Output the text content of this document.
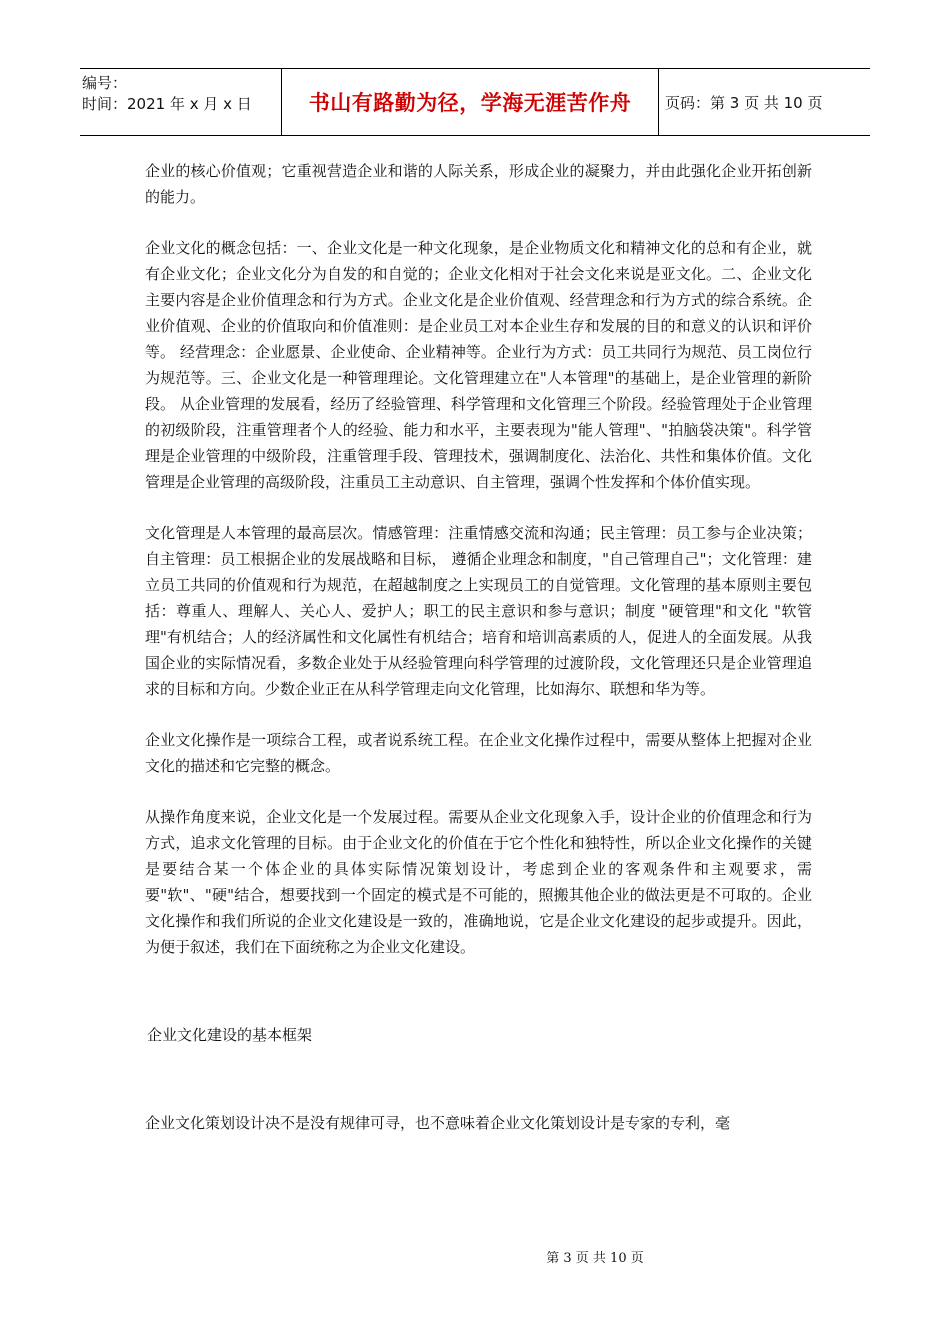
编号：
时间：2021 年 x 月 x 日	书山有路勤为径，学海无涯苦作舟	页码：第 3 页 共 10 页

企业的核心价值观；它重视营造企业和谐的人际关系，形成企业的凝聚力，并由此强化企业开拓创新的能力。

企业文化的概念包括：一、企业文化是一种文化现象，是企业物质文化和精神文化的总和有企业，就有企业文化；企业文化分为自发的和自觉的；企业文化相对于社会文化来说是亚文化。二、企业文化主要内容是企业价值理念和行为方式。企业文化是企业价值观、经营理念和行为方式的综合系统。企业价值观、企业的价值取向和价值准则：是企业员工对本企业生存和发展的目的和意义的认识和评价等。 经营理念：企业愿景、企业使命、企业精神等。企业行为方式：员工共同行为规范、员工岗位行为规范等。三、企业文化是一种管理理论。文化管理建立在"人本管理"的基础上，是企业管理的新阶段。 从企业管理的发展看，经历了经验管理、科学管理和文化管理三个阶段。经验管理处于企业管理的初级阶段，注重管理者个人的经验、能力和水平，主要表现为"能人管理"、"拍脑袋决策"。科学管理是企业管理的中级阶段，注重管理手段、管理技术，强调制度化、法治化、共性和集体价值。文化管理是企业管理的高级阶段，注重员工主动意识、自主管理，强调个性发挥和个体价值实现。

文化管理是人本管理的最高层次。情感管理：注重情感交流和沟通；民主管理：员工参与企业决策； 自主管理：员工根据企业的发展战略和目标， 遵循企业理念和制度，"自己管理自己"；文化管理：建立员工共同的价值观和行为规范，在超越制度之上实现员工的自觉管理。文化管理的基本原则主要包括：尊重人、理解人、关心人、爱护人；职工的民主意识和参与意识；制度 "硬管理"和文化 "软管理"有机结合；人的经济属性和文化属性有机结合；培育和培训高素质的人，促进人的全面发展。从我国企业的实际情况看，多数企业处于从经验管理向科学管理的过渡阶段，文化管理还只是企业管理追求的目标和方向。少数企业正在从科学管理走向文化管理，比如海尔、联想和华为等。

企业文化操作是一项综合工程，或者说系统工程。在企业文化操作过程中，需要从整体上把握对企业文化的描述和它完整的概念。

从操作角度来说，企业文化是一个发展过程。需要从企业文化现象入手，设计企业的价值理念和行为方式，追求文化管理的目标。由于企业文化的价值在于它个性化和独特性，所以企业文化操作的关键是要结合某一个体企业的具体实际情况策划设计，考虑到企业的客观条件和主观要求，需要"软"、"硬"结合，想要找到一个固定的模式是不可能的，照搬其他企业的做法更是不可取的。企业文化操作和我们所说的企业文化建设是一致的，准确地说，它是企业文化建设的起步或提升。因此，为便于叙述，我们在下面统称之为企业文化建设。

企业文化建设的基本框架

企业文化策划设计决不是没有规律可寻，也不意味着企业文化策划设计是专家的专利，毫

第 3 页 共 10 页
